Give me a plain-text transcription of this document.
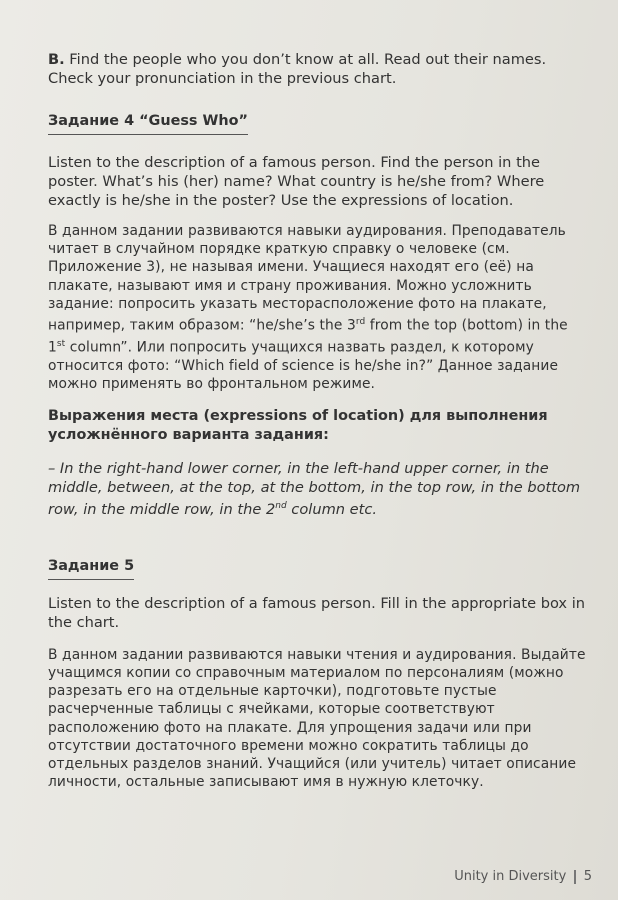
B. Find the people who you don’t know at all. Read out their names. Check your pronunciation in the previous chart.

Задание 4 “Guess Who”

Listen to the description of a famous person. Find the person in the poster. What’s his (her) name? What country is he/she from? Where exactly is he/she in the poster? Use the expressions of location.

В данном задании развиваются навыки аудирования. Преподаватель читает в случайном порядке краткую справку о человеке (см. Приложение 3), не называя имени. Учащиеся находят его (её) на плакате, называют имя и страну проживания. Можно усложнить задание: попросить указать месторасположение фото на плакате, например, таким образом: “he/she’s the 3rd from the top (bottom) in the 1st column”. Или попросить учащихся назвать раздел, к которому относится фото: “Which field of science is he/she in?” Данное задание можно применять во фронтальном режиме.

Выражения места (expressions of location) для выполнения усложнённого варианта задания:

– In the right-hand lower corner, in the left-hand upper corner, in the middle, between, at the top, at the bottom, in the top row, in the bottom row, in the middle row, in the 2nd column etc.

Задание 5

Listen to the description of a famous person. Fill in the appropriate box in the chart.

В данном задании развиваются навыки чтения и аудирования. Выдайте учащимся копии со справочным материалом по персоналиям (можно разрезать его на отдельные карточки), подготовьте пустые расчерченные таблицы с ячейками, которые соответствуют расположению фото на плакате. Для упрощения задачи или при отсутствии достаточного времени можно сократить таблицы до отдельных разделов знаний. Учащийся (или учитель) читает описание личности, остальные записывают имя в нужную клеточку.

Unity in Diversity 5
